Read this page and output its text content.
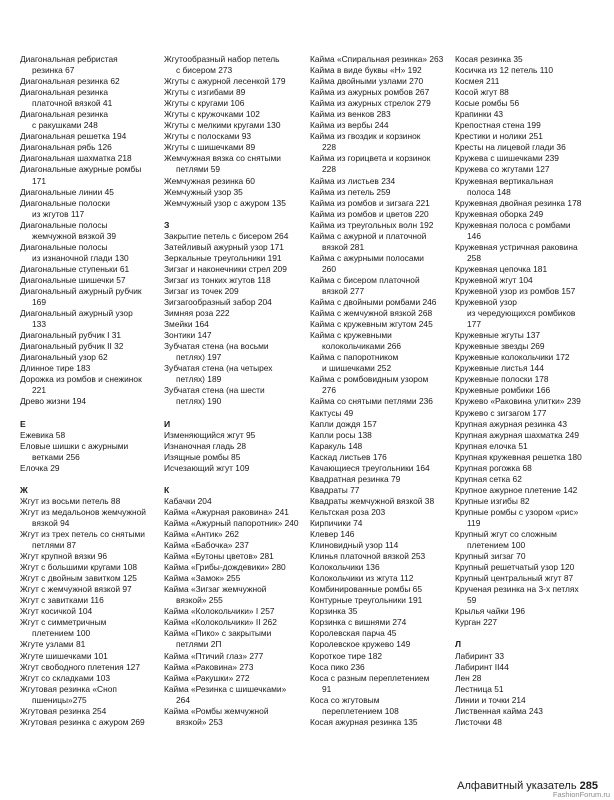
Диагональная ребристая
резинка 67
Диагональная резинка 62
Диагональная резинка
платочной вязкой 41
Диагональная резинка
с ракушками 248
Диагональная решетка 194
Диагональная рябь 126
Диагональная шахматка 218
Диагональные ажурные ромбы
171
Диагональные линии 45
Диагональные полоски
из жгутов 117
Диагональные полосы
жемчужной вязкой 39
Диагональные полосы
из изнаночной глади 130
Диагональные ступеньки 61
Диагональные шишечки 57
Диагональный ажурный рубчик
169
Диагональный ажурный узор
133
Диагональный рубчик I 31
Диагональный рубчик II 32
Диагональный узор 62
Длинное тире 183
Дорожка из ромбов и снежинок
221
Древо жизни 194
Е
Ежевика 58
Еловые шишки с ажурными
ветками 256
Елочка 29
Ж
Жгут из восьми петель 88
Жгут из медальонов жемчужной
вязкой 94
Жгут из трех петель со снятыми
петлями 87
Жгут крупной вязки 96
Жгут с большими кругами 108
Жгут с двойным завитком 125
Жгут с жемчужной вязкой 97
Жгут с завитками 116
Жгут косичкой 104
Жгут с симметричным
плетением 100
Жгуте узлами 81
Жгуте шишечками 101
Жгут свободного плетения 127
Жгут со складками 103
Жгутовая резинка «Сноп
пшеницы»275
Жгутовая резинка 254
Жгутовая резинка с ажуром 269
Жгутообразный набор петель
с бисером 273
Жгуты с ажурной лесенкой 179
Жгуты с изгибами 89
Жгуты с кругами 106
Жгуты с кружочками 102
Жгуты с мелкими кругами 130
Жгуты с полосками 93
Жгуты с шишечками 89
Жемчужная вязка со снятыми
петлями 59
Жемчужная резинка 60
Жемчужный узор 35
Жемчужный узор с ажуром 135
З
Закрытие петель с бисером 264
Затейливый ажурный узор 171
Зеркальные треугольники 191
Зигзаг и наконечники стрел 209
Зигзаг из тонких жгутов 118
Зигзаг из точек 209
Зигзагообразный забор 204
Зимняя роза 222
Змейки 164
Зонтики 147
Зубчатая стена (на восьми
петлях) 197
Зубчатая стена (на четырех
петлях) 189
Зубчатая стена (на шести
петлях) 190
И
Изменяющийся жгут 95
Изнаночная гладь 28
Изящные ромбы 85
Исчезающий жгут 109
К
Кабачки 204
Кайма «Ажурная раковина» 241
Кайма «Ажурный папоротник» 240
Кайма «Антик» 262
Кайма «Бабочка» 237
Кайма «Бутоны цветов» 281
Кайма «Грибы-дождевики» 280
Кайма «Замок» 255
Кайма «Зигзаг жемчужной
вязкой» 255
Кайма «Колокольчики» I 257
Кайма «Колокольчики» II 262
Кайма «Пико» с закрытыми
петлями 2П
Кайма «Птичий глаз» 277
Кайма «Раковина» 273
Кайма «Ракушки» 272
Кайма «Резинка с шишечками»
264
Кайма «Ромбы жемчужной
вязкой» 253
Кайма «Спиральная резинка» 263
Кайма в виде буквы «Н» 192
Кайма двойными узлами 270
Кайма из ажурных ромбов 267
Кайма из ажурных стрелок 279
Кайма из венков 283
Кайма из вербы 244
Кайма из гвоздик и корзинок
228
Кайма из горицвета и корзинок
228
Кайма из листьев 234
Кайма из петель 259
Кайма из ромбов и зигзага 221
Кайма из ромбов и цветов 220
Кайма из треугольных волн 192
Кайма с ажурной и платочной
вязкой 281
Кайма с ажурными полосами
260
Кайма с бисером платочной
вязкой 277
Кайма с двойными ромбами 246
Кайма с жемчужной вязкой 268
Кайма с кружевным жгутом 245
Кайма с кружевными
колокольчиками 266
Кайма с папоротником
и шишечками 252
Кайма с ромбовидным узором
276
Кайма со снятыми петлями 236
Кактусы 49
Капли дождя 157
Капли росы 138
Каракуль 148
Каскад листьев 176
Качающиеся треугольники 164
Квадратная резинка 79
Квадраты 77
Квадраты жемчужной вязкой 38
Кельтская роза 203
Кирпичики 74
Клевер 146
Клиновидный узор 114
Клинья платочной вязкой 253
Колокольчики 136
Колокольчики из жгута 112
Комбинированные ромбы 65
Контурные треугольники 191
Корзинка 35
Корзинка с вишнями 274
Королевская парча 45
Королевское кружево 149
Короткое тире 182
Коса пико 236
Коса с разным переплетением
91
Коса со жгутовым
переплетением 108
Косая ажурная резинка 135
Косая резинка 35
Косичка из 12 петель 110
Космея 211
Косой жгут 88
Косые ромбы 56
Крапинки 43
Крепостная стена 199
Крестики и нолики 251
Кресты на лицевой глади 36
Кружева с шишечками 239
Кружева со жгутами 127
Кружевная вертикальная
полоса 148
Кружевная двойная резинка 178
Кружевная оборка 249
Кружевная полоса с ромбами
146
Кружевная устричная раковина
258
Кружевная цепочка 181
Кружевной жгут 104
Кружевной узор из ромбов 157
Кружевной узор
из чередующихся ромбиков
177
Кружевные жгуты 137
Кружевные звезды 269
Кружевные колокольчики 172
Кружевные листья 144
Кружевные полоски 178
Кружевные ромбики 166
Кружево «Раковина улитки» 239
Кружево с зигзагом 177
Крупная ажурная резинка 43
Крупная ажурная шахматка 249
Крупная елочка 51
Крупная кружевная решетка 180
Крупная рогожка 68
Крупная сетка 62
Крупное ажурное плетение 142
Крупные изгибы 82
Крупные ромбы с узором «рис»
119
Крупный жгут со сложным
плетением 100
Крупный зигзаг 70
Крупный решетчатый узор 120
Крупный центральный жгут 87
Крученая резинка на 3-х петлях
59
Крылья чайки 196
Курган 227
Л
Лабиринт 33
Лабиринт II44
Лен 28
Лестница 51
Линии и точки 214
Лиственная кайма 243
Листочки 48
Алфавитный указатель 285
FashionForum.ru
